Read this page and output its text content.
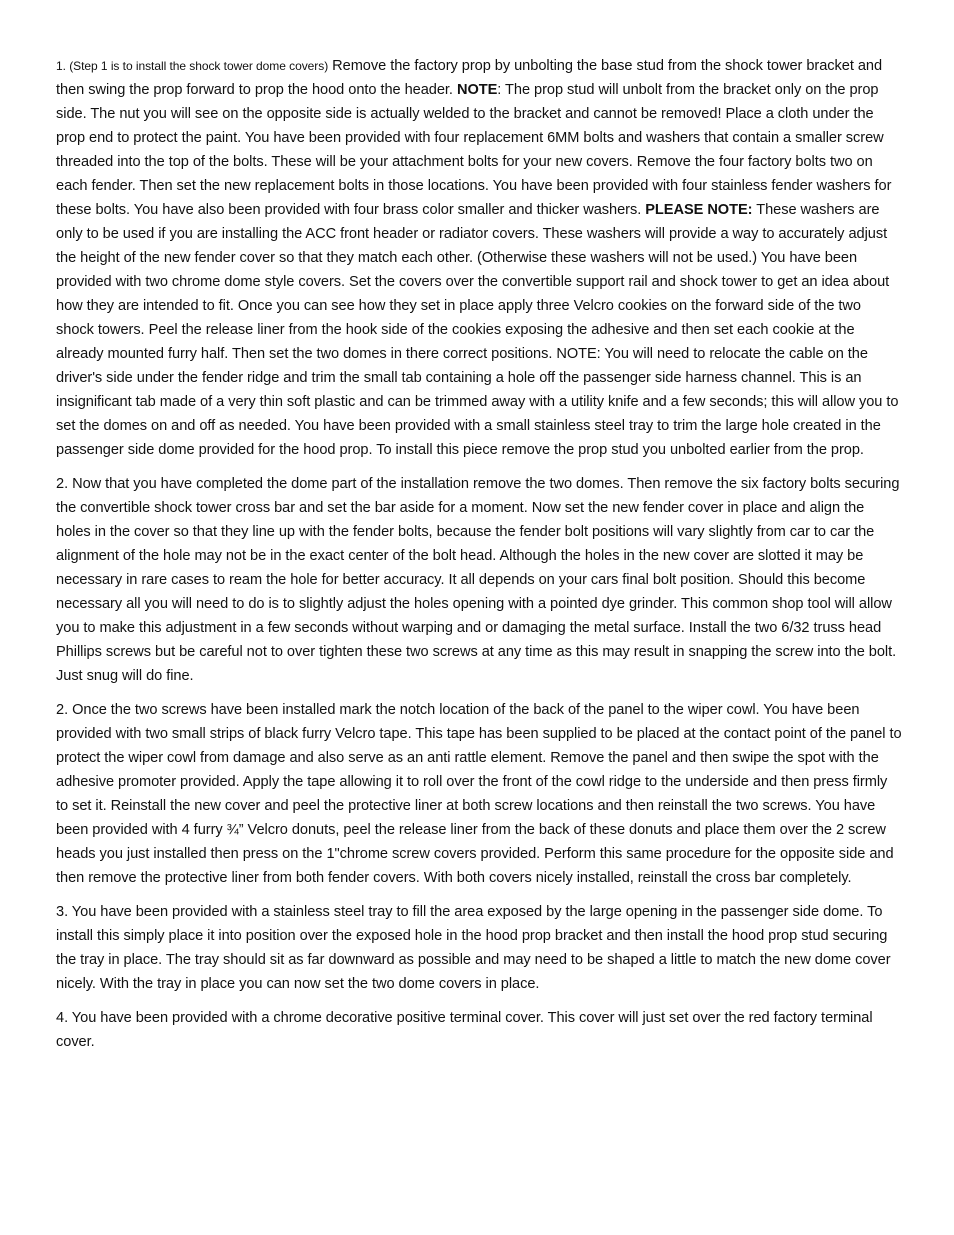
1. (Step 1 is to install the shock tower dome covers) Remove the factory prop by unbolting the base stud from the shock tower bracket and then swing the prop forward to prop the hood onto the header. NOTE: The prop stud will unbolt from the bracket only on the prop side. The nut you will see on the opposite side is actually welded to the bracket and cannot be removed! Place a cloth under the prop end to protect the paint. You have been provided with four replacement 6MM bolts and washers that contain a smaller screw threaded into the top of the bolts. These will be your attachment bolts for your new covers. Remove the four factory bolts two on each fender. Then set the new replacement bolts in those locations. You have been provided with four stainless fender washers for these bolts. You have also been provided with four brass color smaller and thicker washers. PLEASE NOTE: These washers are only to be used if you are installing the ACC front header or radiator covers. These washers will provide a way to accurately adjust the height of the new fender cover so that they match each other. (Otherwise these washers will not be used.) You have been provided with two chrome dome style covers. Set the covers over the convertible support rail and shock tower to get an idea about how they are intended to fit. Once you can see how they set in place apply three Velcro cookies on the forward side of the two shock towers. Peel the release liner from the hook side of the cookies exposing the adhesive and then set each cookie at the already mounted furry half. Then set the two domes in there correct positions. NOTE: You will need to relocate the cable on the driver's side under the fender ridge and trim the small tab containing a hole off the passenger side harness channel. This is an insignificant tab made of a very thin soft plastic and can be trimmed away with a utility knife and a few seconds; this will allow you to set the domes on and off as needed. You have been provided with a small stainless steel tray to trim the large hole created in the passenger side dome provided for the hood prop. To install this piece remove the prop stud you unbolted earlier from the prop.

2. Now that you have completed the dome part of the installation remove the two domes. Then remove the six factory bolts securing the convertible shock tower cross bar and set the bar aside for a moment. Now set the new fender cover in place and align the holes in the cover so that they line up with the fender bolts, because the fender bolt positions will vary slightly from car to car the alignment of the hole may not be in the exact center of the bolt head. Although the holes in the new cover are slotted it may be necessary in rare cases to ream the hole for better accuracy. It all depends on your cars final bolt position. Should this become necessary all you will need to do is to slightly adjust the holes opening with a pointed dye grinder. This common shop tool will allow you to make this adjustment in a few seconds without warping and or damaging the metal surface. Install the two 6/32 truss head Phillips screws but be careful not to over tighten these two screws at any time as this may result in snapping the screw into the bolt. Just snug will do fine.

2. Once the two screws have been installed mark the notch location of the back of the panel to the wiper cowl. You have been provided with two small strips of black furry Velcro tape. This tape has been supplied to be placed at the contact point of the panel to protect the wiper cowl from damage and also serve as an anti rattle element. Remove the panel and then swipe the spot with the adhesive promoter provided. Apply the tape allowing it to roll over the front of the cowl ridge to the underside and then press firmly to set it. Reinstall the new cover and peel the protective liner at both screw locations and then reinstall the two screws. You have been provided with 4 furry ¾” Velcro donuts, peel the release liner from the back of these donuts and place them over the 2 screw heads you just installed then press on the 1"chrome screw covers provided. Perform this same procedure for the opposite side and then remove the protective liner from both fender covers. With both covers nicely installed, reinstall the cross bar completely.

3. You have been provided with a stainless steel tray to fill the area exposed by the large opening in the passenger side dome. To install this simply place it into position over the exposed hole in the hood prop bracket and then install the hood prop stud securing the tray in place. The tray should sit as far downward as possible and may need to be shaped a little to match the new dome cover nicely. With the tray in place you can now set the two dome covers in place.

4. You have been provided with a chrome decorative positive terminal cover. This cover will just set over the red factory terminal cover.
